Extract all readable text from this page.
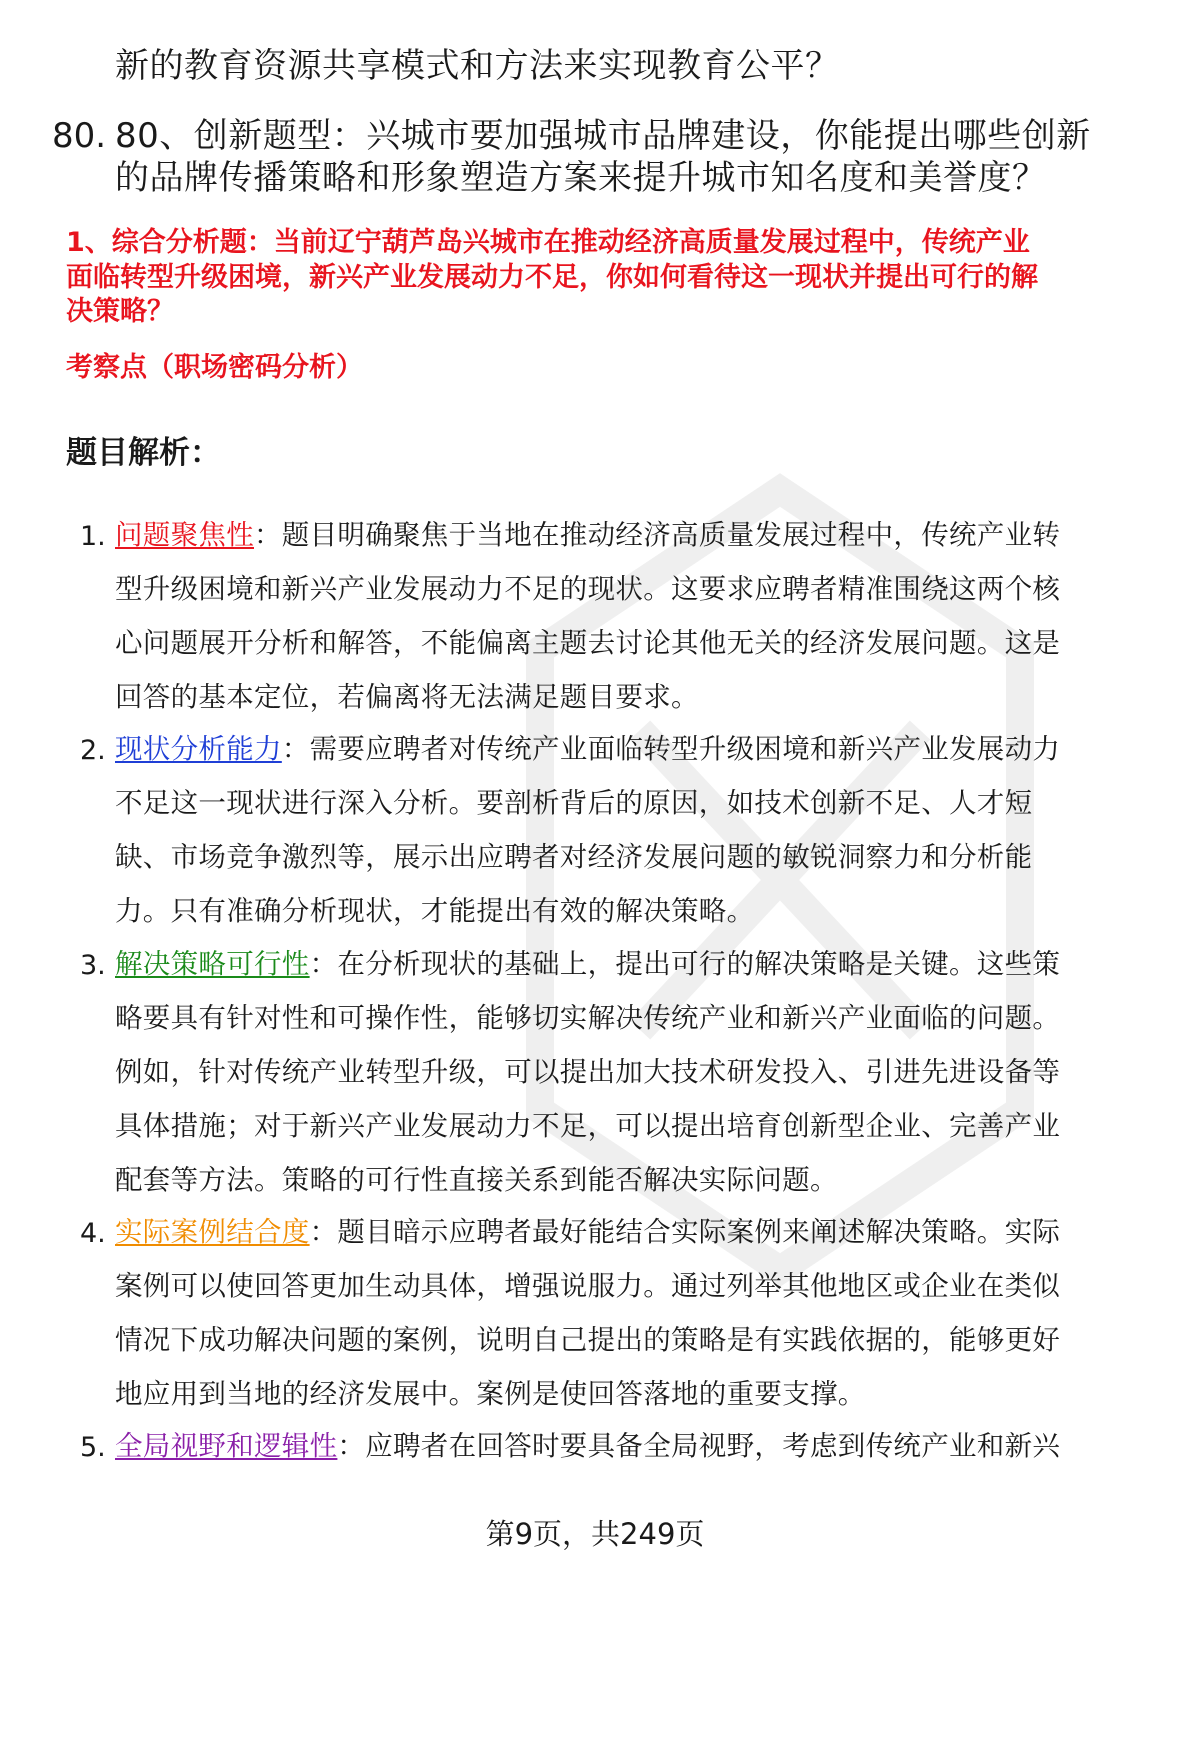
新的教育资源共享模式和方法来实现教育公平？
80. 80、创新题型：兴城市要加强城市品牌建设，你能提出哪些创新
的品牌传播策略和形象塑造方案来提升城市知名度和美誉度？
1、综合分析题：当前辽宁葫芦岛兴城市在推动经济高质量发展过程中，传统产业
面临转型升级困境，新兴产业发展动力不足，你如何看待这一现状并提出可行的解
决策略？
考察点（职场密码分析）
题目解析：
1. 问题聚焦性：题目明确聚焦于当地在推动经济高质量发展过程中，传统产业转
型升级困境和新兴产业发展动力不足的现状。这要求应聘者精准围绕这两个核
心问题展开分析和解答，不能偏离主题去讨论其他无关的经济发展问题。这是
回答的基本定位，若偏离将无法满足题目要求。
2. 现状分析能力：需要应聘者对传统产业面临转型升级困境和新兴产业发展动力
不足这一现状进行深入分析。要剖析背后的原因，如技术创新不足、人才短
缺、市场竞争激烈等，展示出应聘者对经济发展问题的敏锐洞察力和分析能
力。只有准确分析现状，才能提出有效的解决策略。
3. 解决策略可行性：在分析现状的基础上，提出可行的解决策略是关键。这些策
略要具有针对性和可操作性，能够切实解决传统产业和新兴产业面临的问题。
例如，针对传统产业转型升级，可以提出加大技术研发投入、引进先进设备等
具体措施；对于新兴产业发展动力不足，可以提出培育创新型企业、完善产业
配套等方法。策略的可行性直接关系到能否解决实际问题。
4. 实际案例结合度：题目暗示应聘者最好能结合实际案例来阐述解决策略。实际
案例可以使回答更加生动具体，增强说服力。通过列举其他地区或企业在类似
情况下成功解决问题的案例，说明自己提出的策略是有实践依据的，能够更好
地应用到当地的经济发展中。案例是使回答落地的重要支撑。
5. 全局视野和逻辑性：应聘者在回答时要具备全局视野，考虑到传统产业和新兴
第9页，共249页
